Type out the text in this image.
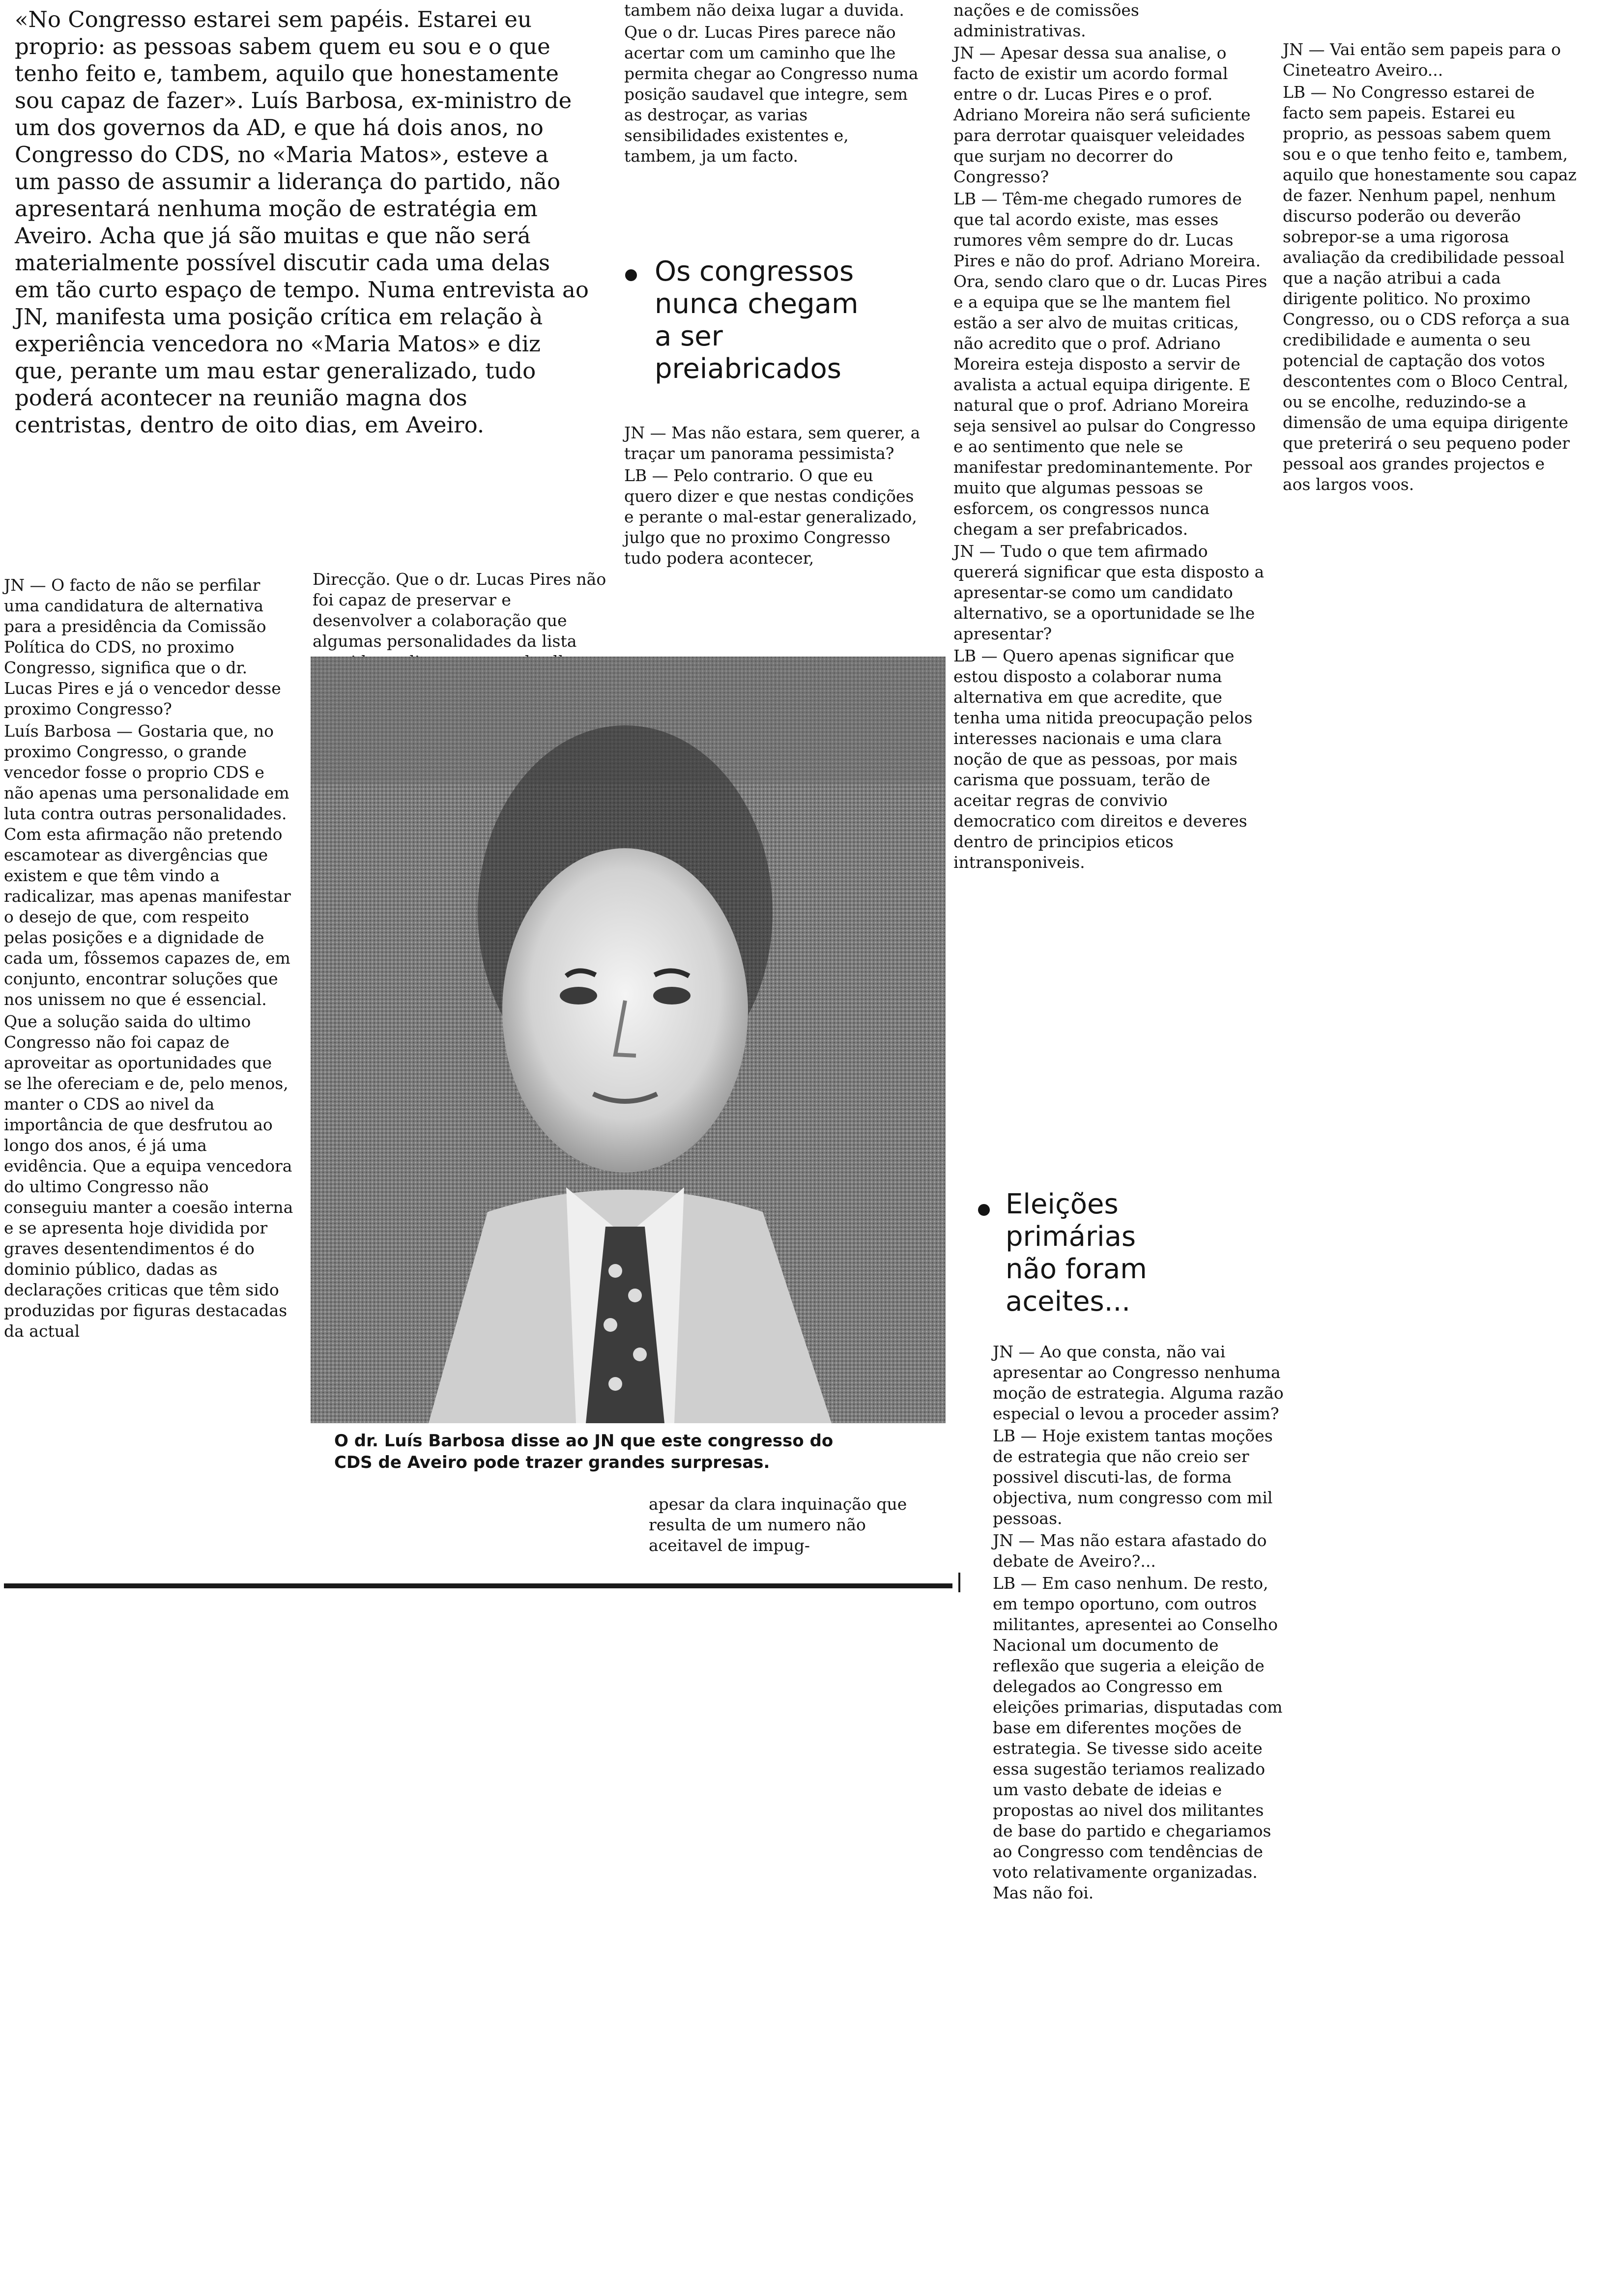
«No Congresso estarei sem papéis. Estarei eu proprio: as pessoas sabem quem eu sou e o que tenho feito e, tambem, aquilo que honestamente sou capaz de fazer». Luís Barbosa, ex-ministro de um dos governos da AD, e que há dois anos, no Congresso do CDS, no «Maria Matos», esteve a um passo de assumir a liderança do partido, não apresentará nenhuma moção de estratégia em Aveiro. Acha que já são muitas e que não será materialmente possível discutir cada uma delas em tão curto espaço de tempo. Numa entrevista ao JN, manifesta uma posição crítica em relação à experiência vencedora no «Maria Matos» e diz que, perante um mau estar generalizado, tudo poderá acontecer na reunião magna dos centristas, dentro de oito dias, em Aveiro.

JN — O facto de não se perfilar uma candidatura de alternativa para a presidência da Comissão Política do CDS, no proximo Congresso, significa que o dr. Lucas Pires e já o vencedor desse proximo Congresso?

Luís Barbosa — Gostaria que, no proximo Congresso, o grande vencedor fosse o proprio CDS e não apenas uma personalidade em luta contra outras personalidades. Com esta afirmação não pretendo escamotear as divergências que existem e que têm vindo a radicalizar, mas apenas manifestar o desejo de que, com respeito pelas posições e a dignidade de cada um, fôssemos capazes de, em conjunto, encontrar soluções que nos unissem no que é essencial.

Que a solução saida do ultimo Congresso não foi capaz de aproveitar as oportunidades que se lhe ofereciam e de, pelo menos, manter o CDS ao nivel da importância de que desfrutou ao longo dos anos, é já uma evidência. Que a equipa vencedora do ultimo Congresso não conseguiu manter a coesão interna e se apresenta hoje dividida por graves desentendimentos é do dominio público, dadas as declarações criticas que têm sido produzidas por figuras destacadas da actual

Direcção. Que o dr. Lucas Pires não foi capaz de preservar e desenvolver a colaboração que algumas personalidades da lista

O dr. Luís Barbosa disse ao JN que este congresso do
CDS de Aveiro pode trazer grandes surpresas.

tambem não deixa lugar a duvida.

Que o dr. Lucas Pires parece não acertar com um caminho que lhe permita chegar ao Congresso numa posição saudavel que integre, sem as destroçar, as varias sensibilidades existentes e, tambem, ja um facto.

Os congressos
nunca chegam
a ser
preiabricados

JN — Mas não estara, sem querer, a traçar um panorama pessimista?

LB — Pelo contrario. O que eu quero dizer e que nestas condições e perante o mal-estar generalizado, julgo que no proximo Congresso tudo podera acontecer,

apesar da clara inquinação que resulta de um numero não aceitavel de impug-

nações e de comissões administrativas.

JN — Apesar dessa sua analise, o facto de existir um acordo formal entre o dr. Lucas Pires e o prof. Adriano Moreira não será suficiente para derrotar quaisquer veleidades que surjam no decorrer do Congresso?

LB — Têm-me chegado rumores de que tal acordo existe, mas esses rumores vêm sempre do dr. Lucas Pires e não do prof. Adriano Moreira. Ora, sendo claro que o dr. Lucas Pires e a equipa que se lhe mantem fiel estão a ser alvo de muitas criticas, não acredito que o prof. Adriano Moreira esteja disposto a servir de avalista a actual equipa dirigente. E natural que o prof. Adriano Moreira seja sensivel ao pulsar do Congresso e ao sentimento que nele se manifestar predominantemente. Por muito que algumas pessoas se esforcem, os congressos nunca chegam a ser prefabricados.

JN — Tudo o que tem afirmado quererá significar que esta disposto a apresentar-se como um candidato alternativo, se a oportunidade se lhe apresentar?

LB — Quero apenas significar que estou disposto a colaborar numa alternativa em que acredite, que tenha uma nitida preocupação pelos interesses nacionais e uma clara noção de que as pessoas, por mais carisma que possuam, terão de aceitar regras de convivio democratico com direitos e deveres dentro de principios eticos intransponiveis.

Eleições
primárias
não foram
aceites...

JN — Ao que consta, não vai apresentar ao Congresso nenhuma moção de estrategia. Alguma razão especial o levou a proceder assim?

LB — Hoje existem tantas moções de estrategia que não creio ser possivel discuti-las, de forma objectiva, num congresso com mil pessoas.

JN — Mas não estara afastado do debate de Aveiro?...

LB — Em caso nenhum. De resto, em tempo oportuno, com outros militantes, apresentei ao Conselho Nacional um documento de reflexão que sugeria a eleição de delegados ao Congresso em eleições primarias, disputadas com base em diferentes moções de estrategia. Se tivesse sido aceite essa sugestão teriamos realizado um vasto debate de ideias e propostas ao nivel dos militantes de base do partido e chegariamos ao Congresso com tendências de voto relativamente organizadas. Mas não foi.

JN — Vai então sem papeis para o Cineteatro Aveiro...

LB — No Congresso estarei de facto sem papeis. Estarei eu proprio, as pessoas sabem quem sou e o que tenho feito e, tambem, aquilo que honestamente sou capaz de fazer. Nenhum papel, nenhum discurso poderão ou deverão sobrepor-se a uma rigorosa avaliação da credibilidade pessoal que a nação atribui a cada dirigente politico. No proximo Congresso, ou o CDS reforça a sua credibilidade e aumenta o seu potencial de captação dos votos descontentes com o Bloco Central, ou se encolhe, reduzindo-se a dimensão de uma equipa dirigente que preterirá o seu pequeno poder pessoal aos grandes projectos e aos largos voos.
